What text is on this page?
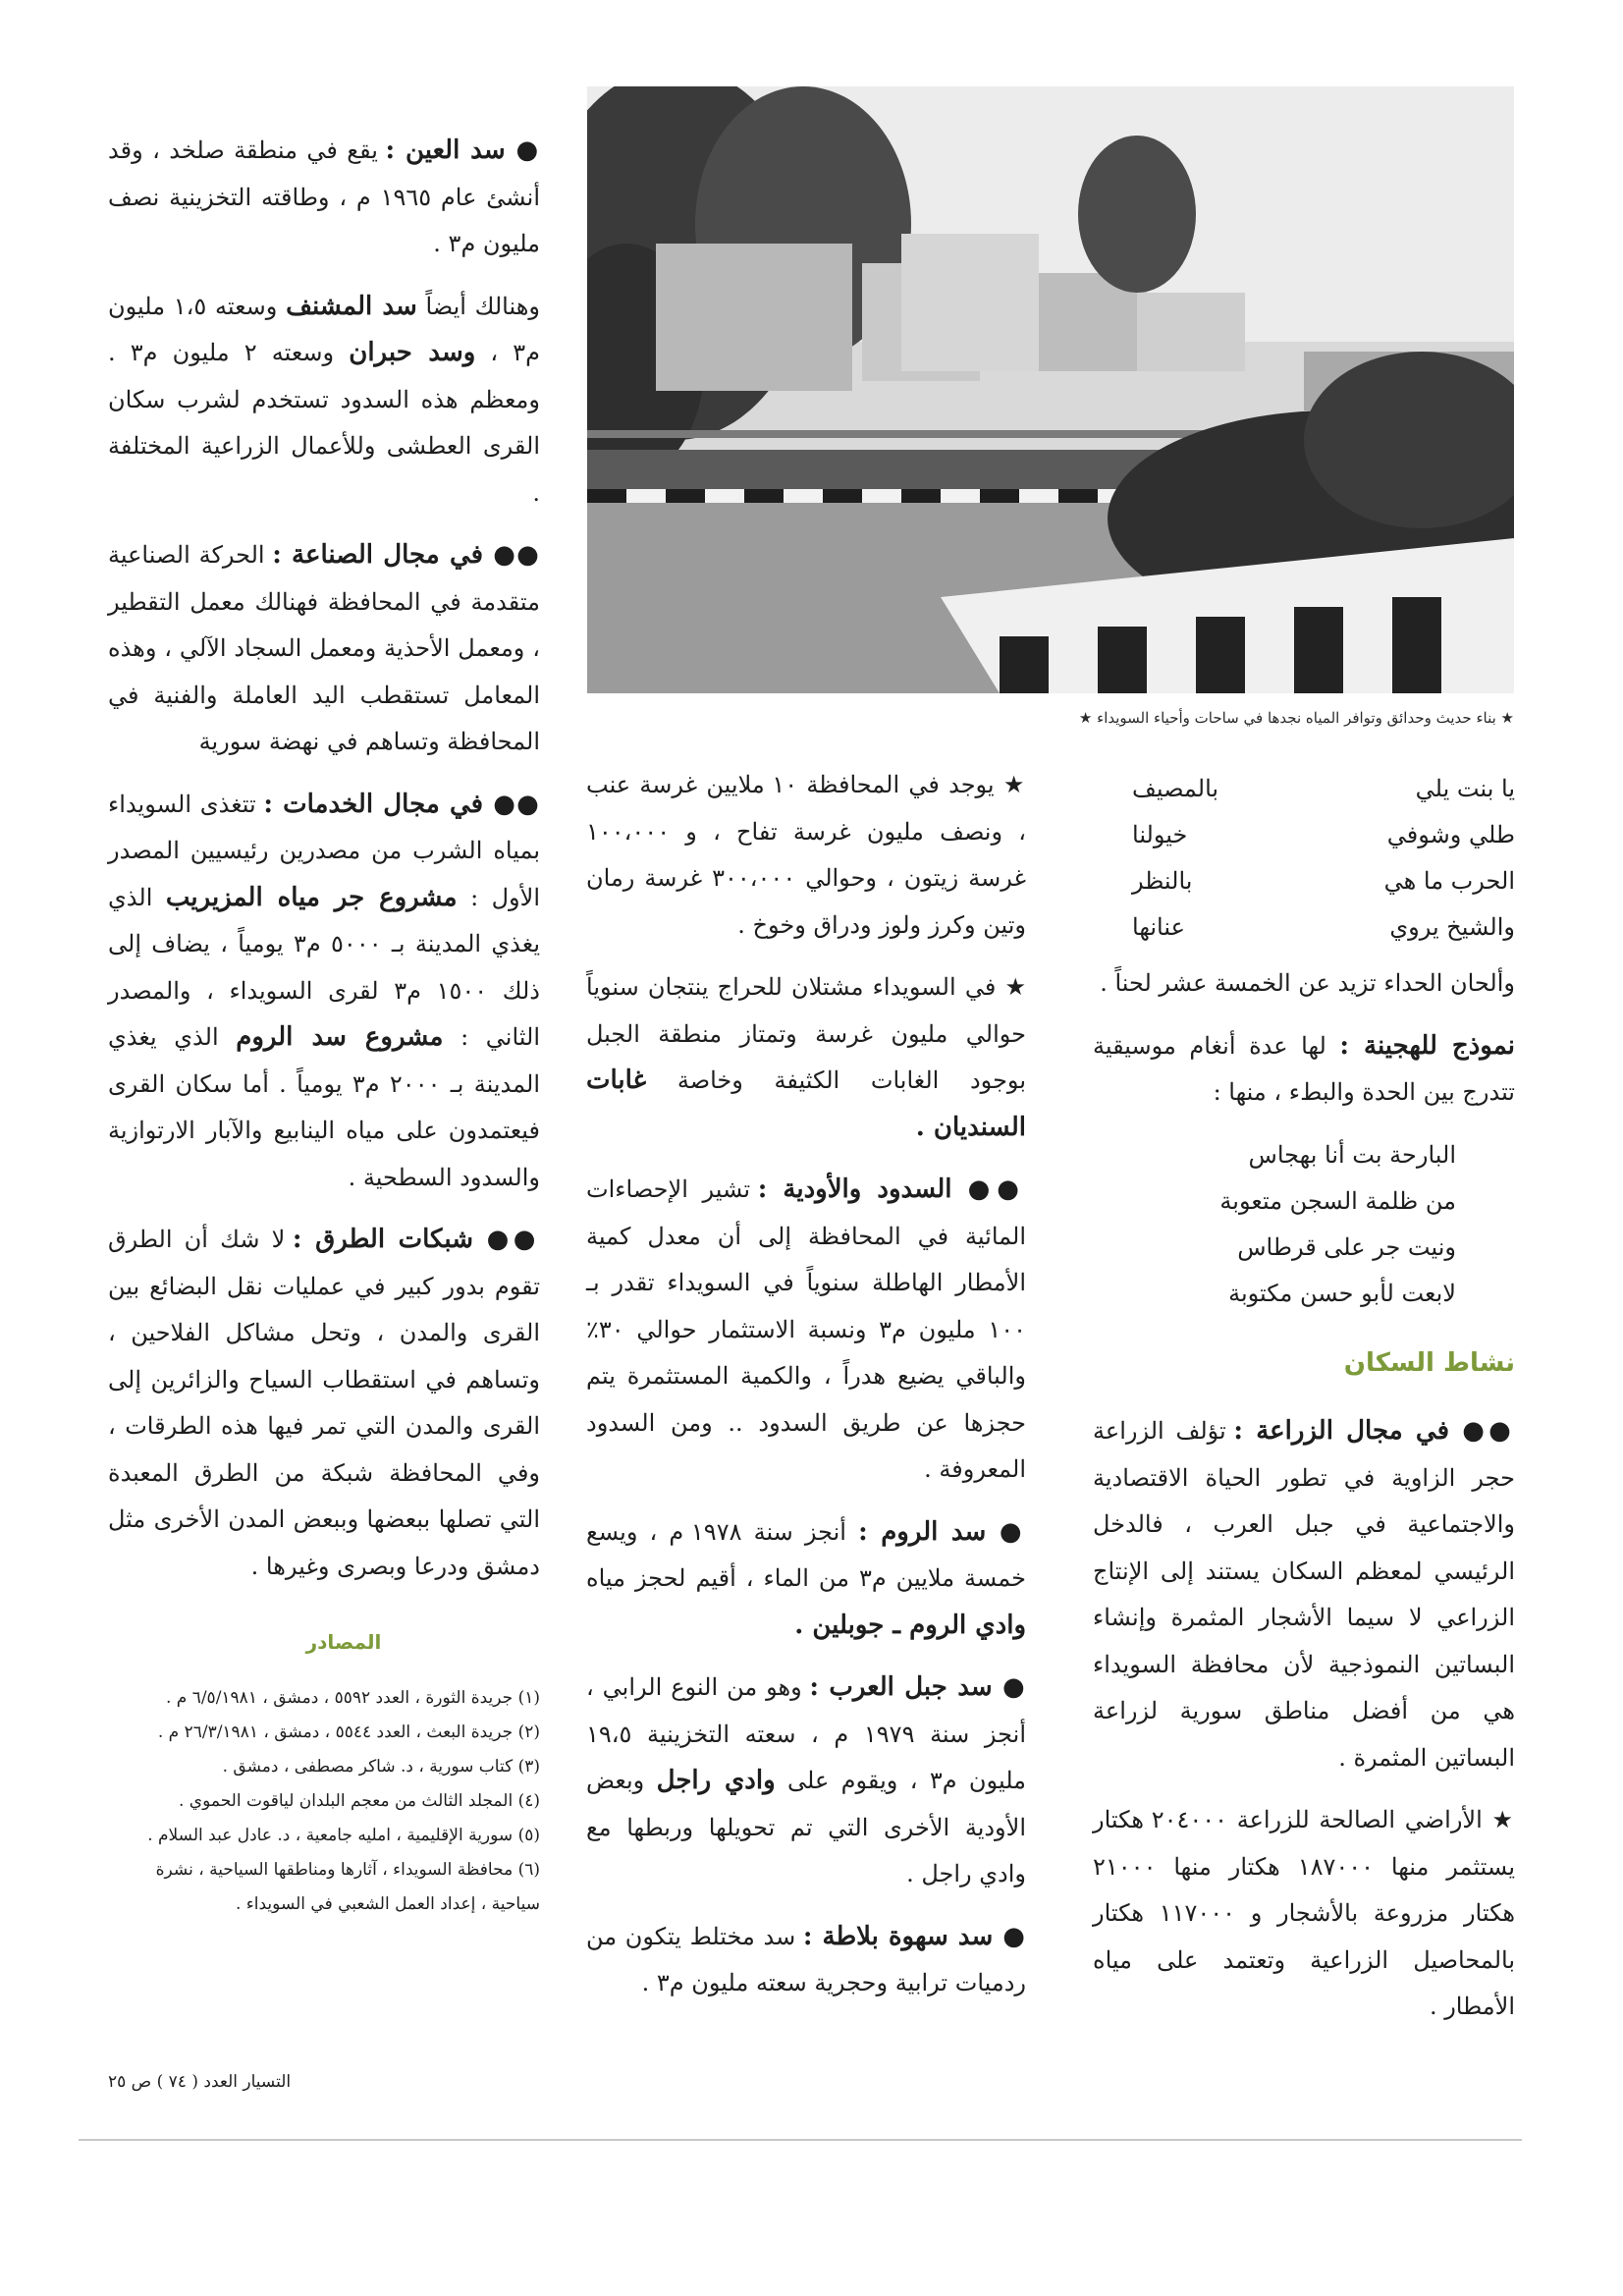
★ بناء حديث وحدائق وتوافر المياه نجدها في ساحات وأحياء السويداء ★
يا بنت يلي
بالمصيف
طلي وشوفي
خيولنا
الحرب ما هي
بالنظر
والشيخ يروي
عنانها

وألحان الحداء تزيد عن الخمسة عشر لحناً .

نموذج للهجينة : لها عدة أنغام موسيقية تتدرج بين الحدة والبطء ، منها :

البارحة بت أنا بهجاس
من ظلمة السجن متعوبة
ونيت جر على قرطاس
لابعت لأبو حسن مكتوبة
نشاط السكان

●● في مجال الزراعة : تؤلف الزراعة حجر الزاوية في تطور الحياة الاقتصادية والاجتماعية في جبل العرب ، فالدخل الرئيسي لمعظم السكان يستند إلى الإنتاج الزراعي لا سيما الأشجار المثمرة وإنشاء البساتين النموذجية لأن محافظة السويداء هي من أفضل مناطق سورية لزراعة البساتين المثمرة .

★ الأراضي الصالحة للزراعة ٢٠٤٠٠٠ هكتار يستثمر منها ١٨٧٠٠٠ هكتار منها ٢١٠٠٠ هكتار مزروعة بالأشجار و ١١٧٠٠٠ هكتار بالمحاصيل الزراعية وتعتمد على مياه الأمطار .

★ يوجد في المحافظة ١٠ ملايين غرسة عنب ، ونصف مليون غرسة تفاح ، و ١٠٠،٠٠٠ غرسة زيتون ، وحوالي ٣٠٠،٠٠٠ غرسة رمان وتين وكرز ولوز ودراق وخوخ .

★ في السويداء مشتلان للحراج ينتجان سنوياً حوالي مليون غرسة وتمتاز منطقة الجبل بوجود الغابات الكثيفة وخاصة غابات السنديان .

●● السدود والأودية : تشير الإحصاءات المائية في المحافظة إلى أن معدل كمية الأمطار الهاطلة سنوياً في السويداء تقدر بـ ١٠٠ مليون م٣ ونسبة الاستثمار حوالي ٣٠٪ والباقي يضيع هدراً ، والكمية المستثمرة يتم حجزها عن طريق السدود .. ومن السدود المعروفة .

● سد الروم : أنجز سنة ١٩٧٨ م ، ويسع خمسة ملايين م٣ من الماء ، أقيم لحجز مياه وادي الروم ـ جوبلين .

● سد جبل العرب : وهو من النوع الرابي ، أنجز سنة ١٩٧٩ م ، سعته التخزينية ١٩،٥ مليون م٣ ، ويقوم على وادي راجل وبعض الأودية الأخرى التي تم تحويلها وربطها مع وادي راجل .

● سد سهوة بلاطة : سد مختلط يتكون من ردميات ترابية وحجرية سعته مليون م٣ .

● سد العين : يقع في منطقة صلخد ، وقد أنشئ عام ١٩٦٥ م ، وطاقته التخزينية نصف مليون م٣ .

وهنالك أيضاً سد المشنف وسعته ١،٥ مليون م٣ ، وسد حبران وسعته ٢ مليون م٣ . ومعظم هذه السدود تستخدم لشرب سكان القرى العطشى وللأعمال الزراعية المختلفة .

●● في مجال الصناعة : الحركة الصناعية متقدمة في المحافظة فهنالك معمل التقطير ، ومعمل الأحذية ومعمل السجاد الآلي ، وهذه المعامل تستقطب اليد العاملة والفنية في المحافظة وتساهم في نهضة سورية

●● في مجال الخدمات : تتغذى السويداء بمياه الشرب من مصدرين رئيسيين المصدر الأول : مشروع جر مياه المزيريب الذي يغذي المدينة بـ ٥٠٠٠ م٣ يومياً ، يضاف إلى ذلك ١٥٠٠ م٣ لقرى السويداء ، والمصدر الثاني : مشروع سد الروم الذي يغذي المدينة بـ ٢٠٠٠ م٣ يومياً . أما سكان القرى فيعتمدون على مياه الينابيع والآبار الارتوازية والسدود السطحية .

●● شبكات الطرق : لا شك أن الطرق تقوم بدور كبير في عمليات نقل البضائع بين القرى والمدن ، وتحل مشاكل الفلاحين ، وتساهم في استقطاب السياح والزائرين إلى القرى والمدن التي تمر فيها هذه الطرقات ، وفي المحافظة شبكة من الطرق المعبدة التي تصلها ببعضها وببعض المدن الأخرى مثل دمشق ودرعا وبصرى وغيرها .

المصادر
(١) جريدة الثورة ، العدد ٥٥٩٢ ، دمشق ، ٦/٥/١٩٨١ م .
(٢) جريدة البعث ، العدد ٥٥٤٤ ، دمشق ، ٢٦/٣/١٩٨١ م .
(٣) كتاب سورية ، د. شاكر مصطفى ، دمشق .
(٤) المجلد الثالث من معجم البلدان لياقوت الحموي .
(٥) سورية الإقليمية ، امليه جامعية ، د. عادل عبد السلام .
(٦) محافظة السويداء ، آثارها ومناطقها السياحية ، نشرة سياحية ، إعداد العمل الشعبي في السويداء .
التسيار العدد ( ٧٤ ) ص ٢٥
